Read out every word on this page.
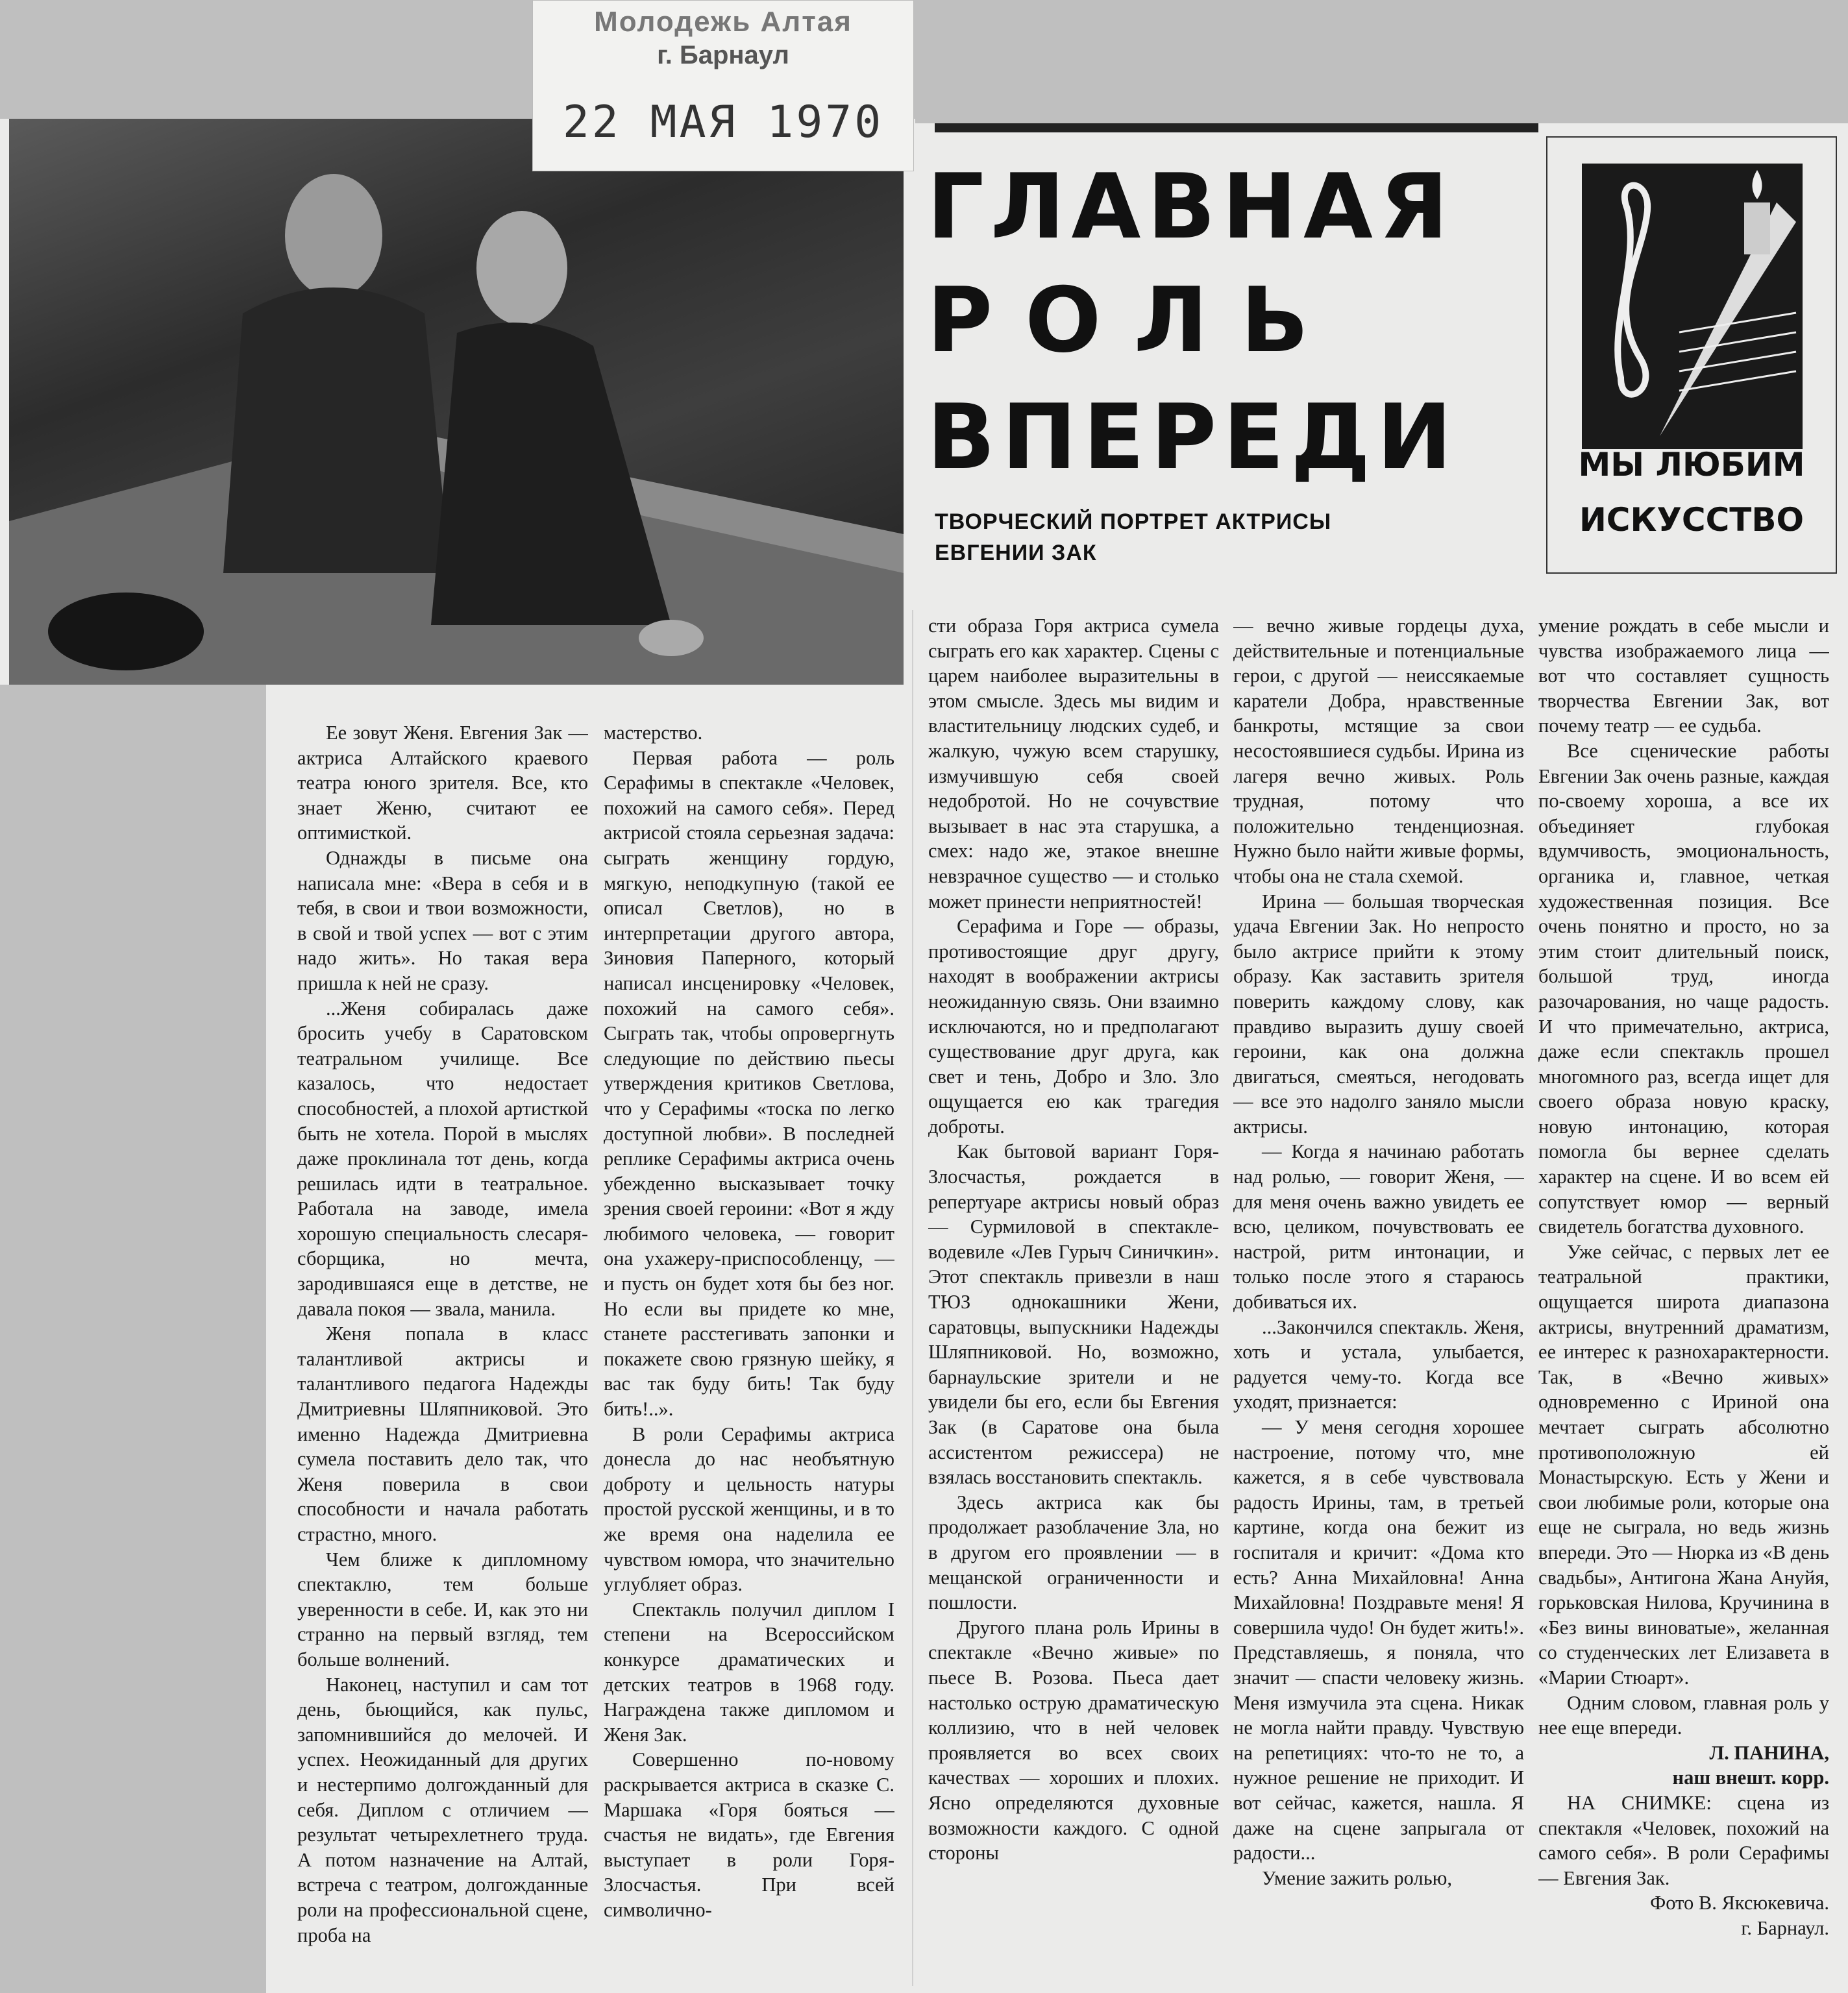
Молодежь Алтая
г. Барнаул
22 МАЯ 1970
ГЛАВНАЯ
РОЛЬ
ВПЕРЕДИ
ТВОРЧЕСКИЙ ПОРТРЕТ АКТРИСЫ
ЕВГЕНИИ ЗАК
МЫ ЛЮБИМ
ИСКУССТВО

Ее зовут Женя. Евгения Зак — актриса Алтайского краевого театра юного зрителя. Все, кто знает Женю, считают ее оптимисткой.

Однажды в письме она написала мне: «Вера в себя и в тебя, в свои и твои возможности, в свой и твой успех — вот с этим надо жить». Но такая вера пришла к ней не сразу.

...Женя собиралась даже бросить учебу в Саратовском театральном училище. Все казалось, что недостает способностей, а плохой артисткой быть не хотела. Порой в мыслях даже проклинала тот день, когда решилась идти в театральное. Работала на заводе, имела хорошую специальность слесаря-сборщика, но мечта, зародившаяся еще в детстве, не давала покоя — звала, манила.

Женя попала в класс талантливой актрисы и талантливого педагога Надежды Дмитриевны Шляпниковой. Это именно Надежда Дмитриевна сумела поставить дело так, что Женя поверила в свои способности и начала работать страстно, много.

Чем ближе к дипломному спектаклю, тем больше уверенности в себе. И, как это ни странно на первый взгляд, тем больше волнений.

Наконец, наступил и сам тот день, бьющийся, как пульс, запомнившийся до мелочей. И успех. Неожиданный для других и нестерпимо долгожданный для себя. Диплом с отличием — результат четырехлетнего труда. А потом назначение на Алтай, встреча с театром, долгожданные роли на профессиональной сцене, проба на

мастерство.

Первая работа — роль Серафимы в спектакле «Человек, похожий на самого себя». Перед актрисой стояла серьезная задача: сыграть женщину гордую, мягкую, неподкупную (такой ее описал Светлов), но в интерпретации другого автора, Зиновия Паперного, который написал инсценировку «Человек, похожий на самого себя». Сыграть так, чтобы опровергнуть следующие по действию пьесы утверждения критиков Светлова, что у Серафимы «тоска по легко доступной любви». В последней реплике Серафимы актриса очень убежденно высказывает точку зрения своей героини: «Вот я жду любимого человека, — говорит она ухажеру-приспособленцу, — и пусть он будет хотя бы без ног. Но если вы придете ко мне, станете расстегивать запонки и покажете свою грязную шейку, я вас так буду бить! Так буду бить!..».

В роли Серафимы актриса донесла до нас необъятную доброту и цельность натуры простой русской женщины, и в то же время она наделила ее чувством юмора, что значительно углубляет образ.

Спектакль получил диплом I степени на Всероссийском конкурсе драматических и детских театров в 1968 году. Награждена также дипломом и Женя Зак.

Совершенно по-новому раскрывается актриса в сказке С. Маршака «Горя бояться — счастья не видать», где Евгения выступает в роли Горя-Злосчастья. При всей символично-

сти образа Горя актриса сумела сыграть его как характер. Сцены с царем наиболее выразительны в этом смысле. Здесь мы видим и властительницу людских судеб, и жалкую, чужую всем старушку, измучившую себя своей недобротой. Но не сочувствие вызывает в нас эта старушка, а смех: надо же, этакое внешне невзрачное существо — и столько может принести неприятностей!

Серафима и Горе — образы, противостоящие друг другу, находят в воображении актрисы неожиданную связь. Они взаимно исключаются, но и предполагают существование друг друга, как свет и тень, Добро и Зло. Зло ощущается ею как трагедия доброты.

Как бытовой вариант Горя-Злосчастья, рождается в репертуаре актрисы новый образ — Сурмиловой в спектакле-водевиле «Лев Гурыч Синичкин». Этот спектакль привезли в наш ТЮЗ однокашники Жени, саратовцы, выпускники Надежды Шляпниковой. Но, возможно, барнаульские зрители и не увидели бы его, если бы Евгения Зак (в Саратове она была ассистентом режиссера) не взялась восстановить спектакль.

Здесь актриса как бы продолжает разоблачение Зла, но в другом его проявлении — в мещанской ограниченности и пошлости.

Другого плана роль Ирины в спектакле «Вечно живые» по пьесе В. Розова. Пьеса дает настолько острую драматическую коллизию, что в ней человек проявляется во всех своих качествах — хороших и плохих. Ясно определяются духовные возможности каждого. С одной стороны

— вечно живые гордецы духа, действительные и потенциальные герои, с другой — неиссякаемые каратели Добра, нравственные банкроты, мстящие за свои несостоявшиеся судьбы. Ирина из лагеря вечно живых. Роль трудная, потому что положительно тенденциозная. Нужно было найти живые формы, чтобы она не стала схемой.

Ирина — большая творческая удача Евгении Зак. Но непросто было актрисе прийти к этому образу. Как заставить зрителя поверить каждому слову, как правдиво выразить душу своей героини, как она должна двигаться, смеяться, негодовать — все это надолго заняло мысли актрисы.

— Когда я начинаю работать над ролью, — говорит Женя, — для меня очень важно увидеть ее всю, целиком, почувствовать ее настрой, ритм интонации, и только после этого я стараюсь добиваться их.

...Закончился спектакль. Женя, хоть и устала, улыбается, радуется чему-то. Когда все уходят, признается:

— У меня сегодня хорошее настроение, потому что, мне кажется, я в себе чувствовала радость Ирины, там, в третьей картине, когда она бежит из госпиталя и кричит: «Дома кто есть? Анна Михайловна! Анна Михайловна! Поздравьте меня! Я совершила чудо! Он будет жить!». Представляешь, я поняла, что значит — спасти человеку жизнь. Меня измучила эта сцена. Никак не могла найти правду. Чувствую на репетициях: что-то не то, а нужное решение не приходит. И вот сейчас, кажется, нашла. Я даже на сцене запрыгала от радости...

Умение зажить ролью,

умение рождать в себе мысли и чувства изображаемого лица — вот что составляет сущность творчества Евгении Зак, вот почему театр — ее судьба.

Все сценические работы Евгении Зак очень разные, каждая по-своему хороша, а все их объединяет глубокая вдумчивость, эмоциональность, органика и, главное, четкая художественная позиция. Все очень понятно и просто, но за этим стоит длительный поиск, большой труд, иногда разочарования, но чаще радость. И что примечательно, актриса, даже если спектакль прошел многомного раз, всегда ищет для своего образа новую краску, новую интонацию, которая помогла бы вернее сделать характер на сцене. И во всем ей сопутствует юмор — верный свидетель богатства духовного.

Уже сейчас, с первых лет ее театральной практики, ощущается широта диапазона актрисы, внутренний драматизм, ее интерес к разнохарактерности. Так, в «Вечно живых» одновременно с Ириной она мечтает сыграть абсолютно противоположную ей Монастырскую. Есть у Жени и свои любимые роли, которые она еще не сыграла, но ведь жизнь впереди. Это — Нюрка из «В день свадьбы», Антигона Жана Ануйя, горьковская Нилова, Кручинина в «Без вины виноватые», желанная со студенческих лет Елизавета в «Марии Стюарт».

Одним словом, главная роль у нее еще впереди.

Л. ПАНИНА,

наш внешт. корр.

НА СНИМКЕ: сцена из спектакля «Человек, похожий на самого себя». В роли Серафимы — Евгения Зак.

Фото В. Яксюкевича.

г. Барнаул.
